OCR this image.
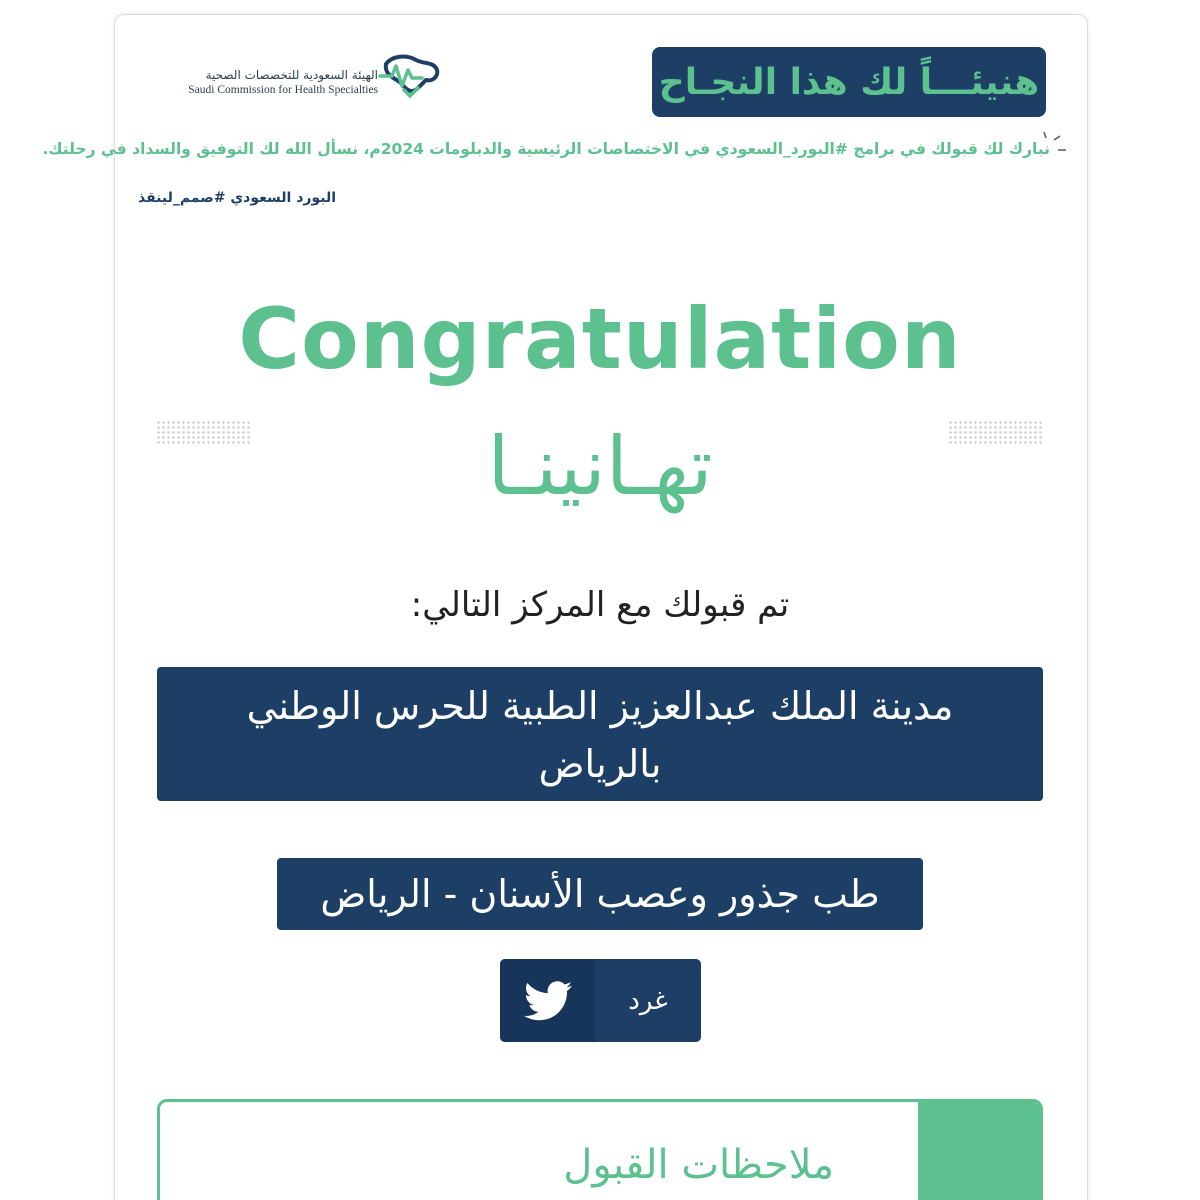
هنيئـــاً لك هذا النجـاح
الهيئة السعودية للتخصصات الصحية
Saudi Commission for Health Specialties
نبارك لك قبولك في برامج #البورد_السعودي في الاختصاصات الرئيسية والدبلومات 2024م، نسأل الله لك التوفيق والسداد في رحلتك.
البورد السعودي #صمم_لينقذ
Congratulation
تهـانينـا
تم قبولك مع المركز التالي:
مدينة الملك عبدالعزيز الطبية للحرس الوطني بالرياض
طب جذور وعصب الأسنان - الرياض
غرد
ملاحظات القبول
